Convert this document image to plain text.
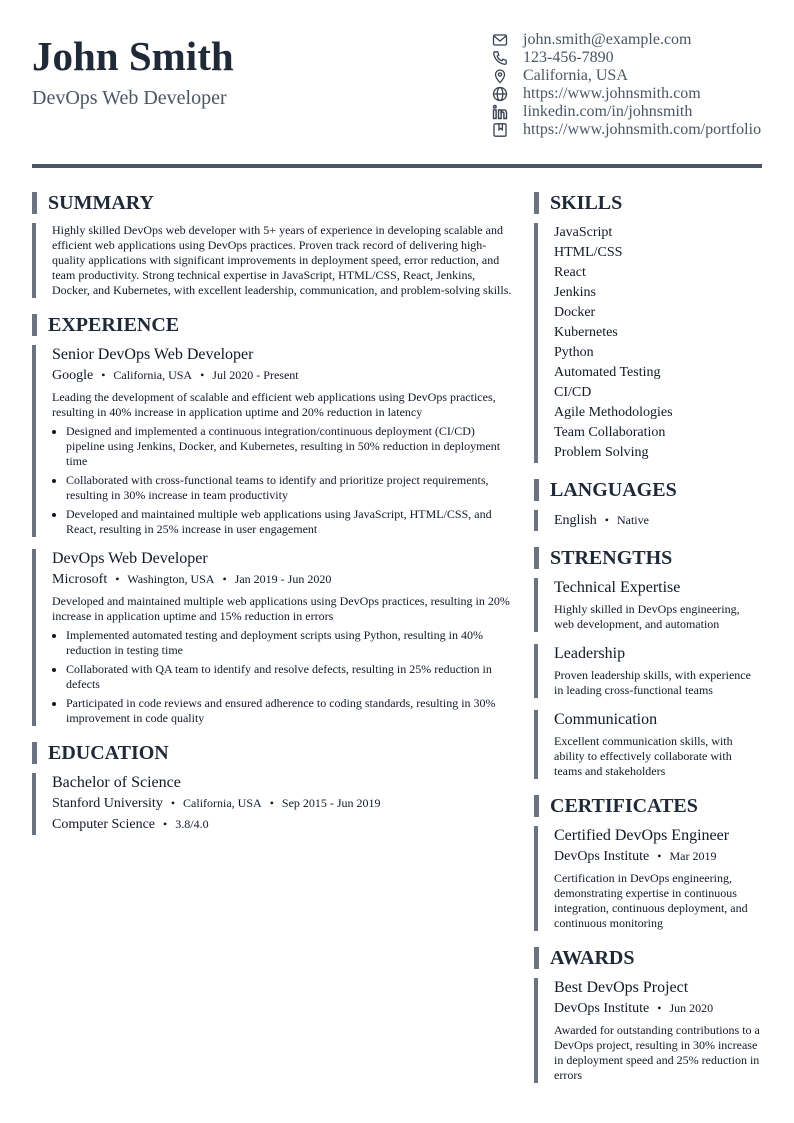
John Smith
DevOps Web Developer
john.smith@example.com
123-456-7890
California, USA
https://www.johnsmith.com
linkedin.com/in/johnsmith
https://www.johnsmith.com/portfolio
SUMMARY
Highly skilled DevOps web developer with 5+ years of experience in developing scalable and efficient web applications using DevOps practices. Proven track record of delivering high-quality applications with significant improvements in deployment speed, error reduction, and team productivity. Strong technical expertise in JavaScript, HTML/CSS, React, Jenkins, Docker, and Kubernetes, with excellent leadership, communication, and problem-solving skills.
EXPERIENCE
Senior DevOps Web Developer
Google • California, USA • Jul 2020 - Present
Leading the development of scalable and efficient web applications using DevOps practices, resulting in 40% increase in application uptime and 20% reduction in latency
• Designed and implemented a continuous integration/continuous deployment (CI/CD) pipeline using Jenkins, Docker, and Kubernetes, resulting in 50% reduction in deployment time
• Collaborated with cross-functional teams to identify and prioritize project requirements, resulting in 30% increase in team productivity
• Developed and maintained multiple web applications using JavaScript, HTML/CSS, and React, resulting in 25% increase in user engagement
DevOps Web Developer
Microsoft • Washington, USA • Jan 2019 - Jun 2020
Developed and maintained multiple web applications using DevOps practices, resulting in 20% increase in application uptime and 15% reduction in errors
• Implemented automated testing and deployment scripts using Python, resulting in 40% reduction in testing time
• Collaborated with QA team to identify and resolve defects, resulting in 25% reduction in defects
• Participated in code reviews and ensured adherence to coding standards, resulting in 30% improvement in code quality
EDUCATION
Bachelor of Science
Stanford University • California, USA • Sep 2015 - Jun 2019
Computer Science • 3.8/4.0
SKILLS
JavaScript
HTML/CSS
React
Jenkins
Docker
Kubernetes
Python
Automated Testing
CI/CD
Agile Methodologies
Team Collaboration
Problem Solving
LANGUAGES
English • Native
STRENGTHS
Technical Expertise
Highly skilled in DevOps engineering, web development, and automation
Leadership
Proven leadership skills, with experience in leading cross-functional teams
Communication
Excellent communication skills, with ability to effectively collaborate with teams and stakeholders
CERTIFICATES
Certified DevOps Engineer
DevOps Institute • Mar 2019
Certification in DevOps engineering, demonstrating expertise in continuous integration, continuous deployment, and continuous monitoring
AWARDS
Best DevOps Project
DevOps Institute • Jun 2020
Awarded for outstanding contributions to a DevOps project, resulting in 30% increase in deployment speed and 25% reduction in errors
